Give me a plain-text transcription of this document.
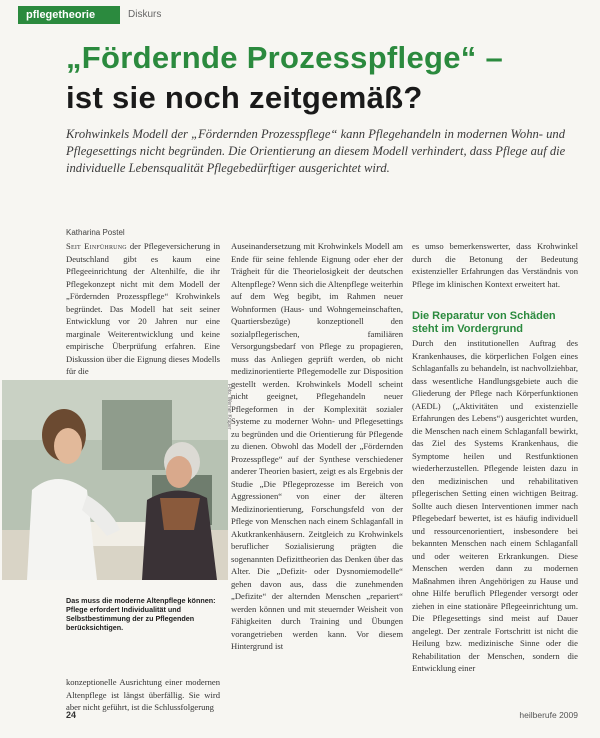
pflegetheorie	Diskurs
„Fördernde Prozesspflege“ –
ist sie noch zeitgemäß?

Krohwinkels Modell der „Fördernden Prozesspflege“ kann Pflegehandeln in modernen Wohn- und Pflegesettings nicht begründen. Die Orientierung an diesem Modell verhindert, dass Pflege auf die individuelle Lebensqualität Pflegebedürftiger ausgerichtet wird.

Katharina Postel

Seit Einführung der Pflegeversicherung in Deutschland gibt es kaum eine Pflegeeinrichtung der Altenhilfe, die ihr Pflegekonzept nicht mit dem Modell der „Fördernden Prozesspflege“ Krohwinkels begründet. Das Modell hat seit seiner Entwicklung vor 20 Jahren nur eine marginale Weiterentwicklung und keine empirische Überprüfung erfahren. Eine Diskussion über die Eignung dieses Modells für die

Foto: Werner Krüper

Das muss die moderne Altenpflege können: Pflege erfordert Individualität und Selbstbestimmung der zu Pflegenden berücksichtigen.

konzeptionelle Ausrichtung einer modernen Altenpflege ist längst überfällig. Sie wird aber nicht geführt, ist die Schlussfolgerung

Auseinandersetzung mit Krohwinkels Modell am Ende für seine fehlende Eignung oder eher der Trägheit für die Theorielosigkeit der deutschen Altenpflege? Wenn sich die Altenpflege weiterhin auf dem Weg begibt, im Rahmen neuer Wohnformen (Haus- und Wohngemeinschaften, Quartiersbezüge) konzeptionell den sozialpflegerischen, familiären Versorgungsbedarf von Pflege zu propagieren, muss das Anliegen geprüft werden, ob nicht medizinorientierte Pflegemodelle zur Disposition gestellt werden. Krohwinkels Modell scheint nicht geeignet, Pflegehandeln neuer Pflegeformen in der Komplexität sozialer Systeme zu moderner Wohn- und Pflegesettings zu begründen und die Orientierung für Pflegende zu dienen. Obwohl das Modell der „Fördernden Prozesspflege“ auf der Synthese verschiedener anderer Theorien basiert, zeigt es als Ergebnis der Studie „Die Pflegeprozesse im Bereich von Aggressionen“ von einer der älteren Medizinorientierung, Forschungsfeld von der Pflege von Menschen nach einem Schlaganfall in Akutkrankenhäusern. Zeitgleich zu Krohwinkels beruflicher Sozialisierung prägten die sogenannten Defizittheorien das Denken über das Alter. Die „Defizit- oder Dysnomiemodelle“ gehen davon aus, dass die zunehmenden „Defizite“ der alternden Menschen „repariert“ werden können und mit steuernder Weisheit von Fähigkeiten durch Training und Übungen vorangetrieben werden kann. Vor diesem Hintergrund ist

es umso bemerkenswerter, dass Krohwinkel durch die Betonung der Bedeutung existenzieller Erfahrungen das Verständnis von Pflege im klinischen Kontext erweitert hat.

Die Reparatur von Schäden steht im Vordergrund

Durch den institutionellen Auftrag des Krankenhauses, die körperlichen Folgen eines Schlaganfalls zu behandeln, ist nachvollziehbar, dass wesentliche Handlungsgebiete auch die Gliederung der Pflege nach Körperfunktionen (AEDL) („Aktivitäten und existenzielle Erfahrungen des Lebens“) ausgerichtet wurden, die Menschen nach einem Schlaganfall bewirkt, das Ziel des Systems Krankenhaus, die Symptome heilen und Restfunktionen wiederherzustellen. Pflegende leisten dazu in den medizinischen und rehabilitativen pflegerischen Setting einen wichtigen Beitrag. Sollte auch diesen Interventionen immer nach Pflegebedarf bewertet, ist es häufig individuell und ressourcenorientiert, insbesondere bei bekannten Menschen nach einem Schlaganfall und oder weiteren Erkrankungen. Diese Menschen werden dann zu modernen Maßnahmen ihren Angehörigen zu Hause und ohne Hilfe beruflich Pflegender versorgt oder ziehen in eine stationäre Pflegeeinrichtung um. Die Pflegesettings sind meist auf Dauer angelegt. Der zentrale Fortschritt ist nicht die Heilung bzw. medizinische Sinne oder die Rehabilitation der Menschen, sondern die Entwicklung einer

24	heilberufe 2009
